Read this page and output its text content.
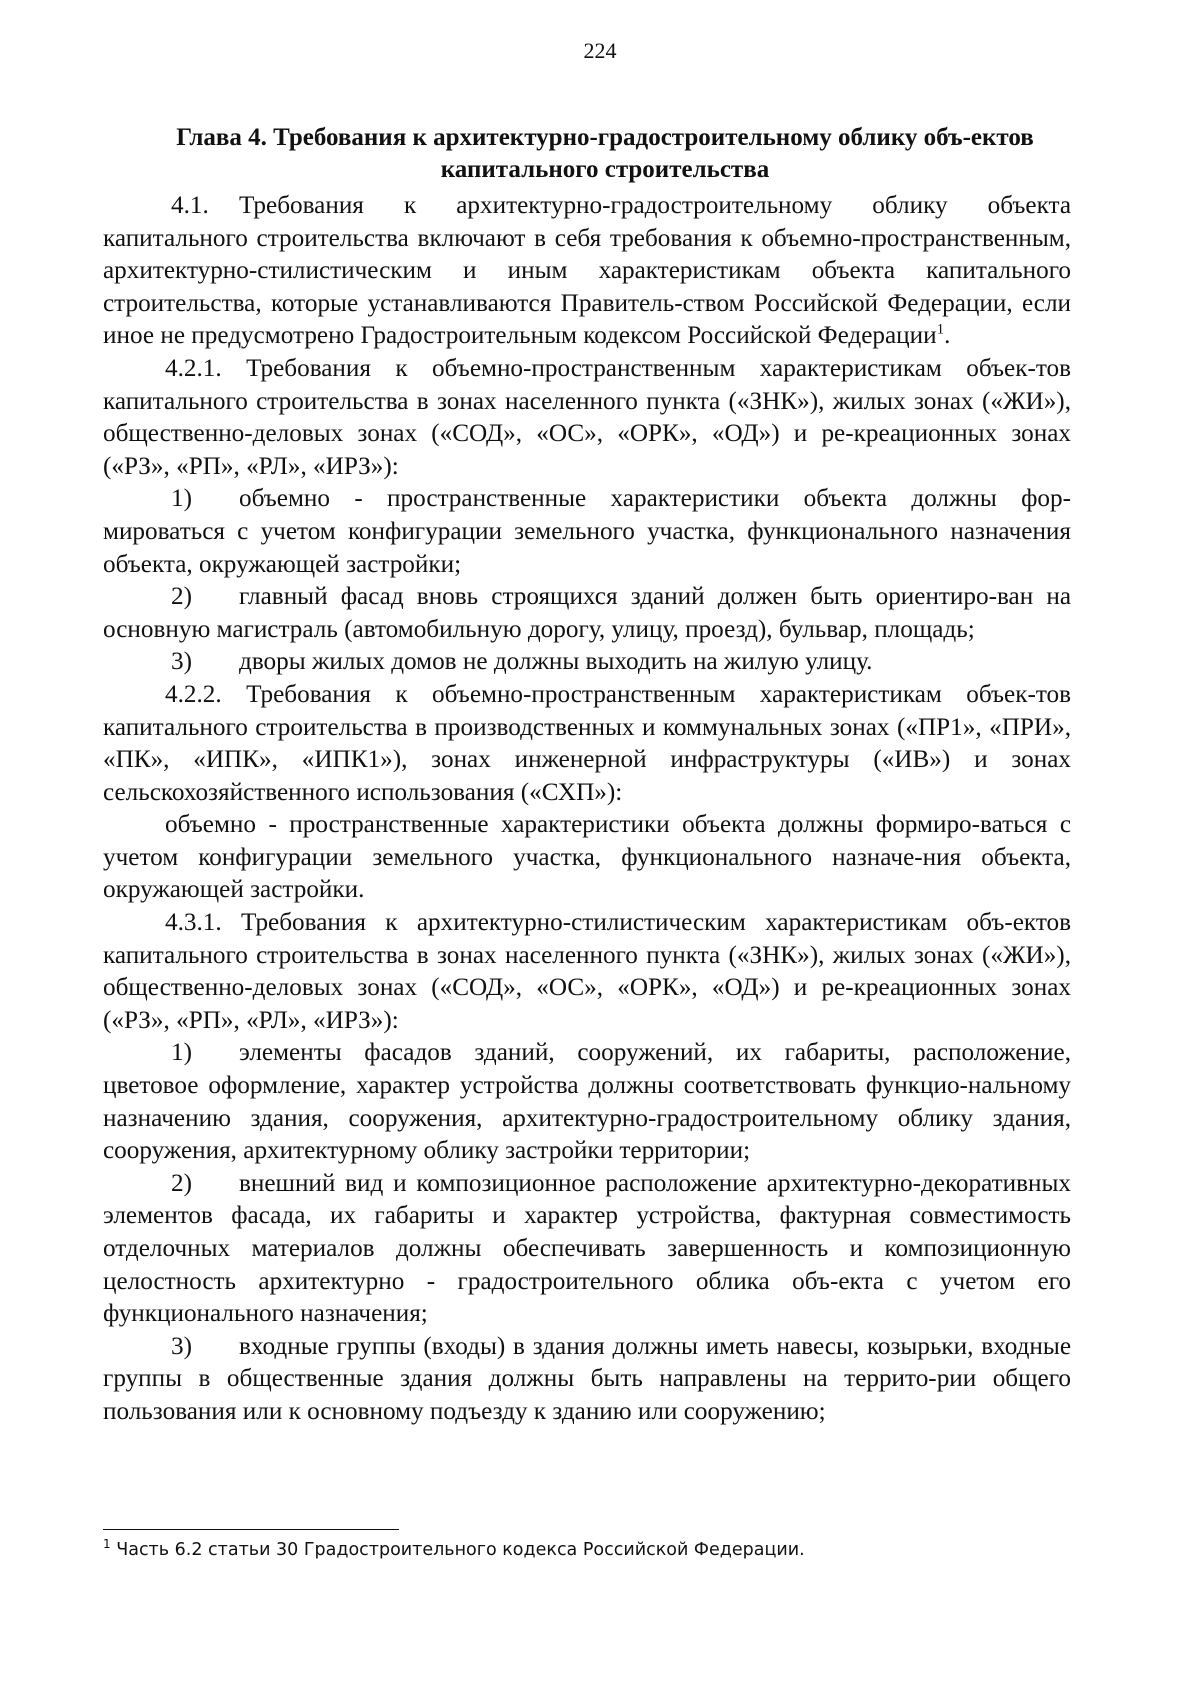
224
Глава 4. Требования к архитектурно-градостроительному облику объ-ектов капитального строительства

4.1. Требования к архитектурно-градостроительному облику объекта капитального строительства включают в себя требования к объемно-пространственным, архитектурно-стилистическим и иным характеристикам объекта капитального строительства, которые устанавливаются Правитель-ством Российской Федерации, если иное не предусмотрено Градостроительным кодексом Российской Федерации$^1$.

4.2.1. Требования к объемно-пространственным характеристикам объек-тов капитального строительства в зонах населенного пункта («ЗНК»), жилых зонах («ЖИ»), общественно-деловых зонах («СОД», «ОС», «ОРК», «ОД») и ре-креационных зонах («РЗ», «РП», «РЛ», «ИРЗ»):

1) объемно - пространственные характеристики объекта должны фор-мироваться с учетом конфигурации земельного участка, функционального назначения объекта, окружающей застройки;

2) главный фасад вновь строящихся зданий должен быть ориентиро-ван на основную магистраль (автомобильную дорогу, улицу, проезд), бульвар, площадь;

3) дворы жилых домов не должны выходить на жилую улицу.

4.2.2. Требования к объемно-пространственным характеристикам объек-тов капитального строительства в производственных и коммунальных зонах («ПР1», «ПРИ», «ПК», «ИПК», «ИПК1»), зонах инженерной инфраструктуры («ИВ») и зонах сельскохозяйственного использования («СХП»):

объемно - пространственные характеристики объекта должны формиро-ваться с учетом конфигурации земельного участка, функционального назначе-ния объекта, окружающей застройки.

4.3.1. Требования к архитектурно-стилистическим характеристикам объ-ектов капитального строительства в зонах населенного пункта («ЗНК»), жилых зонах («ЖИ»), общественно-деловых зонах («СОД», «ОС», «ОРК», «ОД») и ре-креационных зонах («РЗ», «РП», «РЛ», «ИРЗ»):

1) элементы фасадов зданий, сооружений, их габариты, расположение, цветовое оформление, характер устройства должны соответствовать функцио-нальному назначению здания, сооружения, архитектурно-градостроительному облику здания, сооружения, архитектурному облику застройки территории;

2) внешний вид и композиционное расположение архитектурно-декоративных элементов фасада, их габариты и характер устройства, фактурная совместимость отделочных материалов должны обеспечивать завершенность и композиционную целостность архитектурно - градостроительного облика объ-екта с учетом его функционального назначения;

3) входные группы (входы) в здания должны иметь навесы, козырьки, входные группы в общественные здания должны быть направлены на террито-рии общего пользования или к основному подъезду к зданию или сооружению;

$^1$ Часть 6.2 статьи 30 Градостроительного кодекса Российской Федерации.
